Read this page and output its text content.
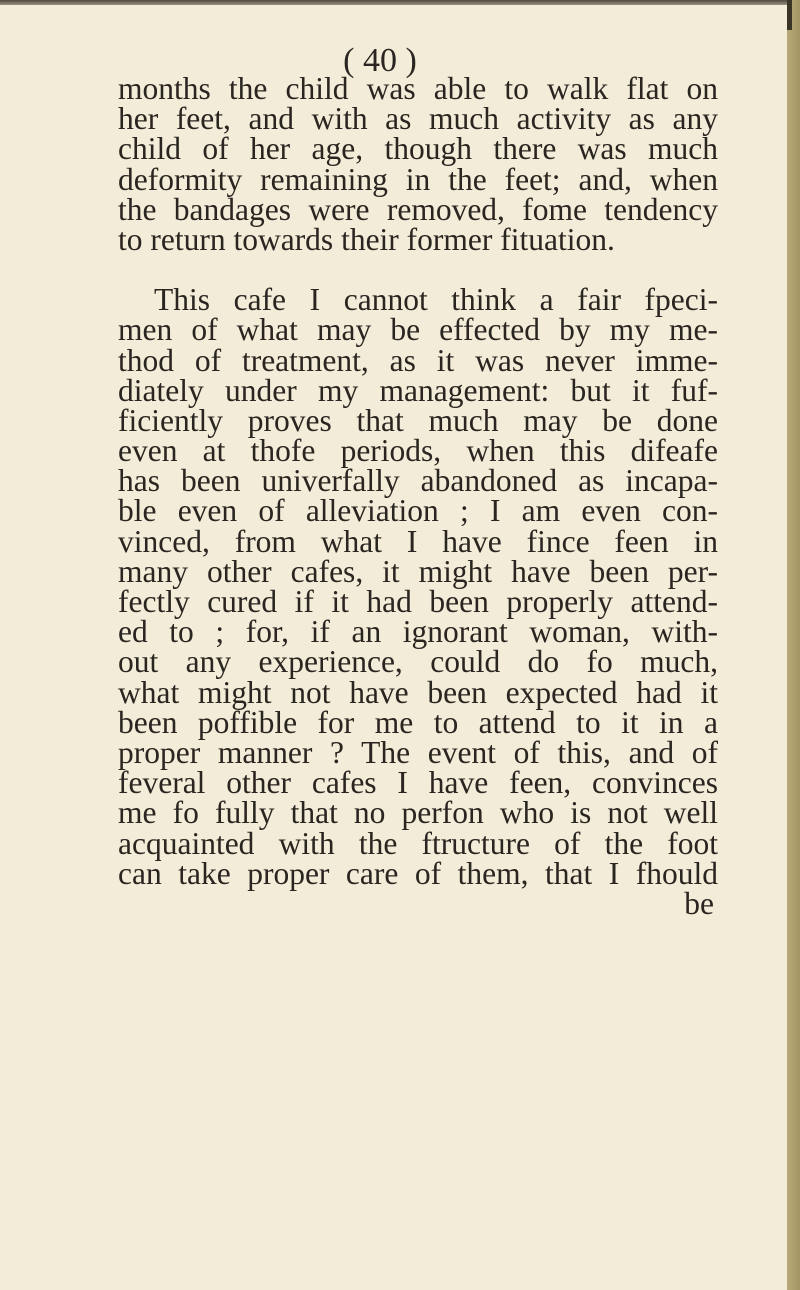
( 40 )
months the child was able to walk flat on
her feet, and with as much activity as any
child of her age, though there was much
deformity remaining in the feet; and, when
the bandages were removed, fome tendency
to return towards their former fituation.
This cafe I cannot think a fair fpeci-
men of what may be effected by my me-
thod of treatment, as it was never imme-
diately under my management: but it fuf-
ficiently proves that much may be done
even at thofe periods, when this difeafe
has been univerfally abandoned as incapa-
ble even of alleviation ; I am even con-
vinced, from what I have fince feen in
many other cafes, it might have been per-
fectly cured if it had been properly attend-
ed to ; for, if an ignorant woman, with-
out any experience, could do fo much,
what might not have been expected had it
been poffible for me to attend to it in a
proper manner ? The event of this, and of
feveral other cafes I have feen, convinces
me fo fully that no perfon who is not well
acquainted with the ftructure of the foot
can take proper care of them, that I fhould
be
